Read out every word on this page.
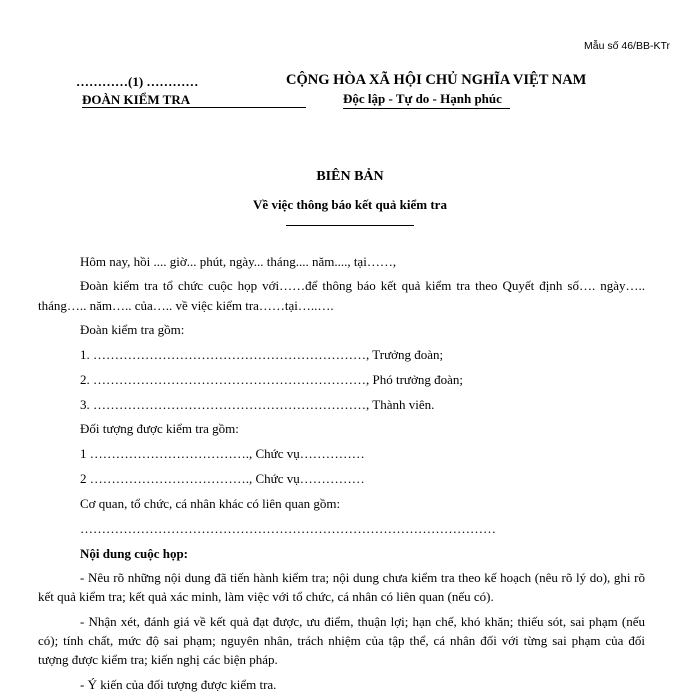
Mẫu số 46/BB-KTr
…………(1) …………
ĐOÀN KIỂM TRA
CỘNG HÒA XÃ HỘI CHỦ NGHĨA VIỆT NAM
Độc lập - Tự do - Hạnh phúc
BIÊN BẢN
Về việc thông báo kết quả kiểm tra
Hôm nay, hồi .... giờ... phút, ngày... tháng.... năm...., tại……,
Đoàn kiểm tra tổ chức cuộc họp với……để thông báo kết quả kiểm tra theo Quyết định số…. ngày…..
tháng….. năm….. của….. về việc kiểm tra……tại…..….
Đoàn kiểm tra gồm:
1. ………………………………………………………, Trưởng đoàn;
2. ………………………………………………………, Phó trưởng đoàn;
3. ………………………………………………………, Thành viên.
Đối tượng được kiểm tra gồm:
1 ………………………………., Chức vụ……………
2 ………………………………., Chức vụ……………
Cơ quan, tổ chức, cá nhân khác có liên quan gồm:
……………………………………………………………………………………
Nội dung cuộc họp:
- Nêu rõ những nội dung đã tiến hành kiểm tra; nội dung chưa kiểm tra theo kế hoạch (nêu rõ lý do), ghi rõ
kết quả kiểm tra; kết quả xác minh, làm việc với tổ chức, cá nhân có liên quan (nếu có).
- Nhận xét, đánh giá về kết quả đạt được, ưu điểm, thuận lợi; hạn chế, khó khăn; thiếu sót, sai phạm (nếu
có); tính chất, mức độ sai phạm; nguyên nhân, trách nhiệm của tập thể, cá nhân đối với từng sai phạm của đối
tượng được kiểm tra; kiến nghị các biện pháp.
- Ý kiến của đối tượng được kiểm tra.
